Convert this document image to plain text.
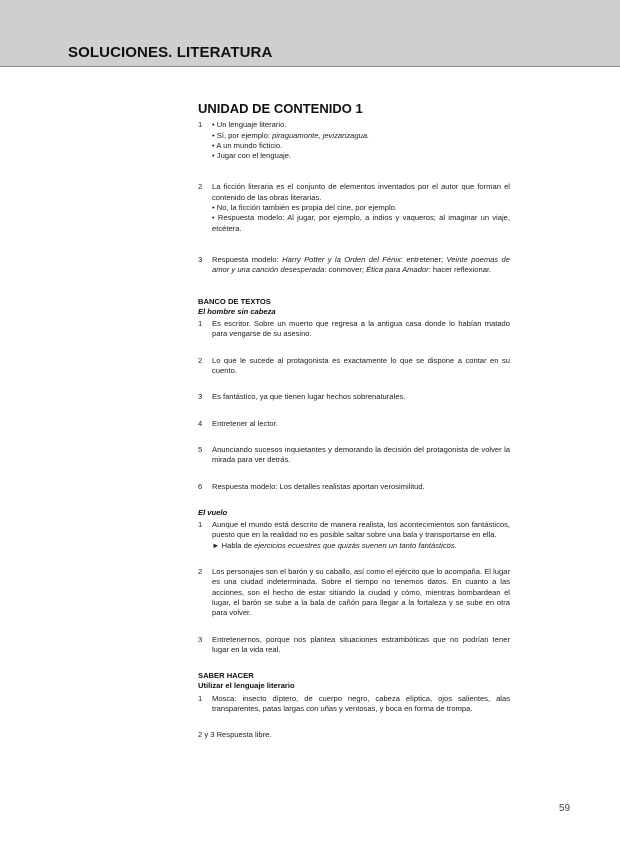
SOLUCIONES. LITERATURA
UNIDAD DE CONTENIDO 1
1	• Un lenguaje literario.
• Sí, por ejemplo: piraguamonte, jevizarizagua.
• A un mundo ficticio.
• Jugar con el lenguaje.
2	La ficción literaria es el conjunto de elementos inventados por el autor que forman el contenido de las obras literarias.
• No, la ficción también es propia del cine, por ejemplo.
• Respuesta modelo: Al jugar, por ejemplo, a indios y vaqueros; al imaginar un viaje, etcétera.
3	Respuesta modelo: Harry Potter y la Orden del Fénix: entretener; Veinte poemas de amor y una canción desesperada: conmover; Ética para Amador: hacer reflexionar.
BANCO DE TEXTOS
El hombre sin cabeza
1	Es escritor. Sobre un muerto que regresa a la antigua casa donde lo habían matado para vengarse de su asesino.
2	Lo que le sucede al protagonista es exactamente lo que se dispone a contar en su cuento.
3	Es fantástico, ya que tienen lugar hechos sobrenaturales.
4	Entretener al lector.
5	Anunciando sucesos inquietantes y demorando la decisión del protagonista de volver la mirada para ver detrás.
6	Respuesta modelo: Los detalles realistas aportan verosimilitud.
El vuelo
1	Aunque el mundo está descrito de manera realista, los acontecimientos son fantásticos, puesto que en la realidad no es posible saltar sobre una bala y transportarse en ella.
► Habla de ejercicios ecuestres que quizás suenen un tanto fantásticos.
2	Los personajes son el barón y su caballo, así como el ejército que lo acompaña. El lugar es una ciudad indeterminada. Sobre el tiempo no tenemos datos. En cuanto a las acciones, son el hecho de estar sitiando la ciudad y cómo, mientras bombardean el lugar, el barón se sube a la bala de cañón para llegar a la fortaleza y se sube en otra para volver.
3	Entretenernos, porque nos plantea situaciones estrambóticas que no podrían tener lugar en la vida real.
SABER HACER
Utilizar el lenguaje literario
1	Mosca: insecto díptero, de cuerpo negro, cabeza elíptica, ojos salientes, alas transparentes, patas largas con uñas y ventosas, y boca en forma de trompa.
2 y 3 Respuesta libre.
59
